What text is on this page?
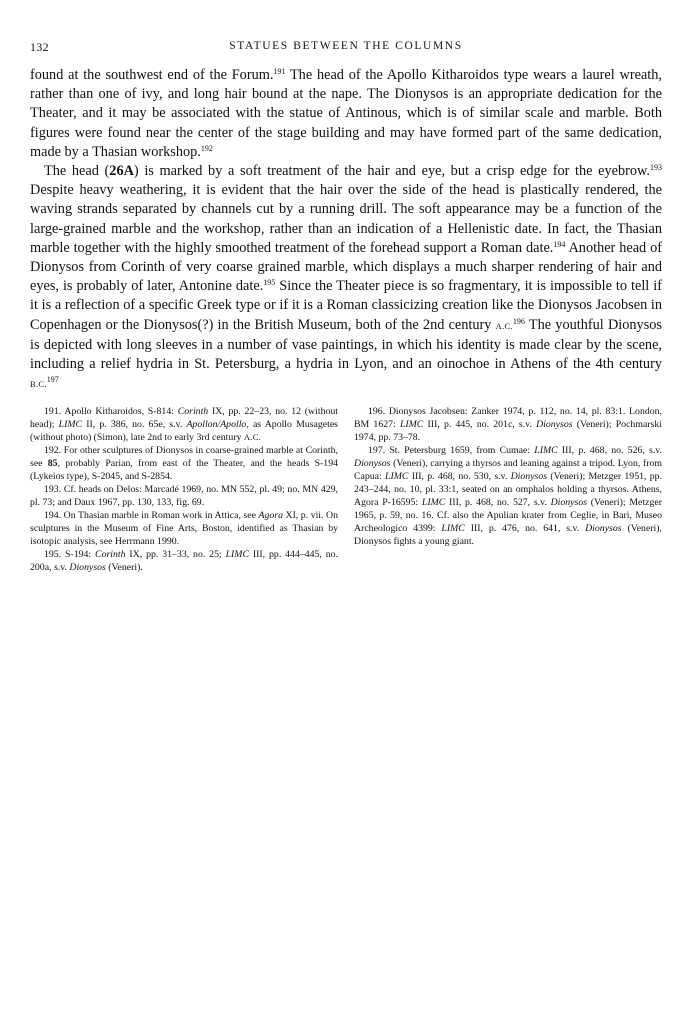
132	STATUES BETWEEN THE COLUMNS

found at the southwest end of the Forum.$^{191}$ The head of the Apollo Kitharoidos type wears a laurel wreath, rather than one of ivy, and long hair bound at the nape. The Dionysos is an appropriate dedication for the Theater, and it may be associated with the statue of Antinous, which is of similar scale and marble. Both figures were found near the center of the stage building and may have formed part of the same dedication, made by a Thasian workshop.$^{192}$

The head (26A) is marked by a soft treatment of the hair and eye, but a crisp edge for the eyebrow.$^{193}$ Despite heavy weathering, it is evident that the hair over the side of the head is plastically rendered, the waving strands separated by channels cut by a running drill. The soft appearance may be a function of the large-grained marble and the workshop, rather than an indication of a Hellenistic date. In fact, the Thasian marble together with the highly smoothed treatment of the forehead support a Roman date.$^{194}$ Another head of Dionysos from Corinth of very coarse grained marble, which displays a much sharper rendering of hair and eyes, is probably of later, Antonine date.$^{195}$ Since the Theater piece is so fragmentary, it is impossible to tell if it is a reflection of a specific Greek type or if it is a Roman classicizing creation like the Dionysos Jacobsen in Copenhagen or the Dionysos(?) in the British Museum, both of the 2nd century A.C.$^{196}$ The youthful Dionysos is depicted with long sleeves in a number of vase paintings, in which his identity is made clear by the scene, including a relief hydria in St. Petersburg, a hydria in Lyon, and an oinochoe in Athens of the 4th century B.C.$^{197}$

191. Apollo Kitharoidos, S-814: Corinth IX, pp. 22–23, no. 12 (without head); LIMC II, p. 386, no. 65e, s.v. Apollon/Apollo, as Apollo Musagetes (without photo) (Simon), late 2nd to early 3rd century A.C.

192. For other sculptures of Dionysos in coarse-grained marble at Corinth, see 85, probably Parian, from east of the Theater, and the heads S-194 (Lykeios type), S-2045, and S-2854.

193. Cf. heads on Delos: Marcadé 1969, no. MN 552, pl. 49; no. MN 429, pl. 73; and Daux 1967, pp. 130, 133, fig. 69.

194. On Thasian marble in Roman work in Attica, see Agora XI, p. vii. On sculptures in the Museum of Fine Arts, Boston, identified as Thasian by isotopic analysis, see Herrmann 1990.

195. S-194: Corinth IX, pp. 31–33, no. 25; LIMC III, pp. 444–445, no. 200a, s.v. Dionysos (Veneri).

196. Dionysos Jacobsen: Zanker 1974, p. 112, no. 14, pl. 83:1. London, BM 1627: LIMC III, p. 445, no. 201c, s.v. Dionysos (Veneri); Pochmarski 1974, pp. 73–78.

197. St. Petersburg 1659, from Cumae: LIMC III, p. 468, no. 526, s.v. Dionysos (Veneri), carrying a thyrsos and leaning against a tripod. Lyon, from Capua: LIMC III, p. 468, no. 530, s.v. Dionysos (Veneri); Metzger 1951, pp. 243–244, no. 10, pl. 33:1, seated on an omphalos holding a thyrsos. Athens, Agora P-16595: LIMC III, p. 468, no. 527, s.v. Dionysos (Veneri); Metzger 1965, p. 59, no. 16. Cf. also the Apulian krater from Ceglie, in Bari, Museo Archeologico 4399: LIMC III, p. 476, no. 641, s.v. Dionysos (Veneri), Dionysos fights a young giant.
